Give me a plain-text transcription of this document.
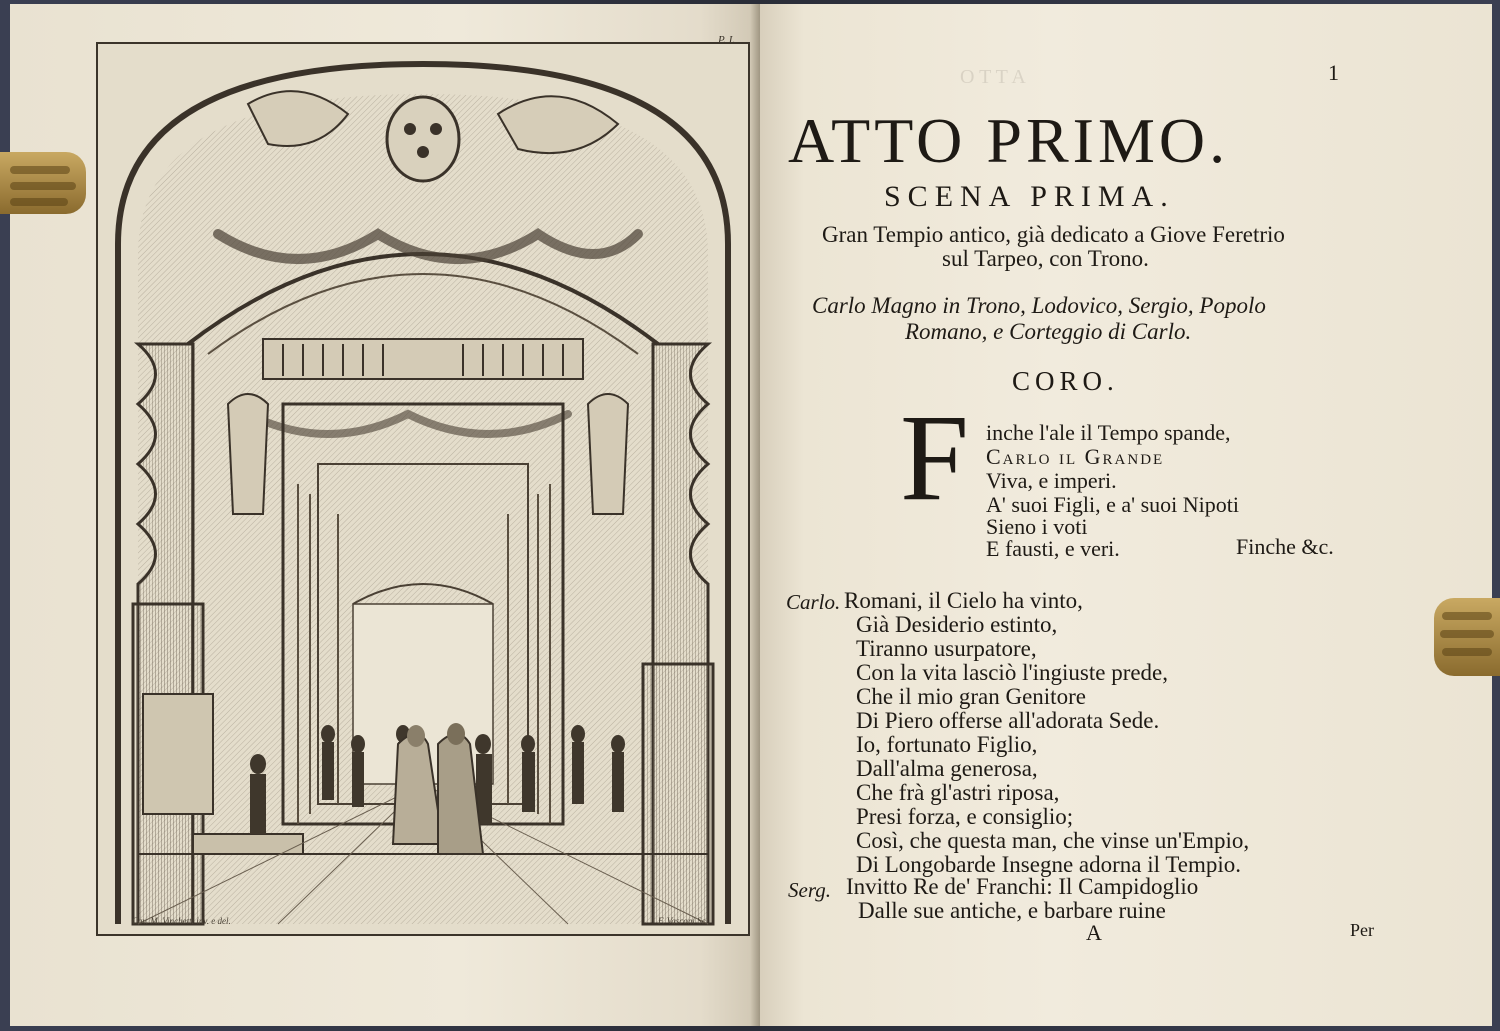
Cav. M. Vinchetti inv. e del.	F. Vasconi Sc.
P. I.
O T T A	1
ATTO PRIMO.
SCENA PRIMA.
Gran Tempio antico, già dedicato a Giove Feretrio
sul Tarpeo, con Trono.
Carlo Magno in Trono, Lodovico, Sergio, Popolo
Romano, e Corteggio di Carlo.
CORO.
F inche l'ale il Tempo spande,
Carlo il Grande
Viva, e imperi.
A' suoi Figli, e a' suoi Nipoti
Sieno i voti
E fausti, e veri.	Finche &c.
Carlo. Romani, il Cielo ha vinto,
Già Desiderio estinto,
Tiranno usurpatore,
Con la vita lasciò l'ingiuste prede,
Che il mio gran Genitore
Di Piero offerse all'adorata Sede.
Io, fortunato Figlio,
Dall'alma generosa,
Che frà gl'astri riposa,
Presi forza, e consiglio;
Così, che questa man, che vinse un'Empio,
Di Longobarde Insegne adorna il Tempio.
Serg. Invitto Re de' Franchi: Il Campidoglio
Dalle sue antiche, e barbare ruine
A	Per
